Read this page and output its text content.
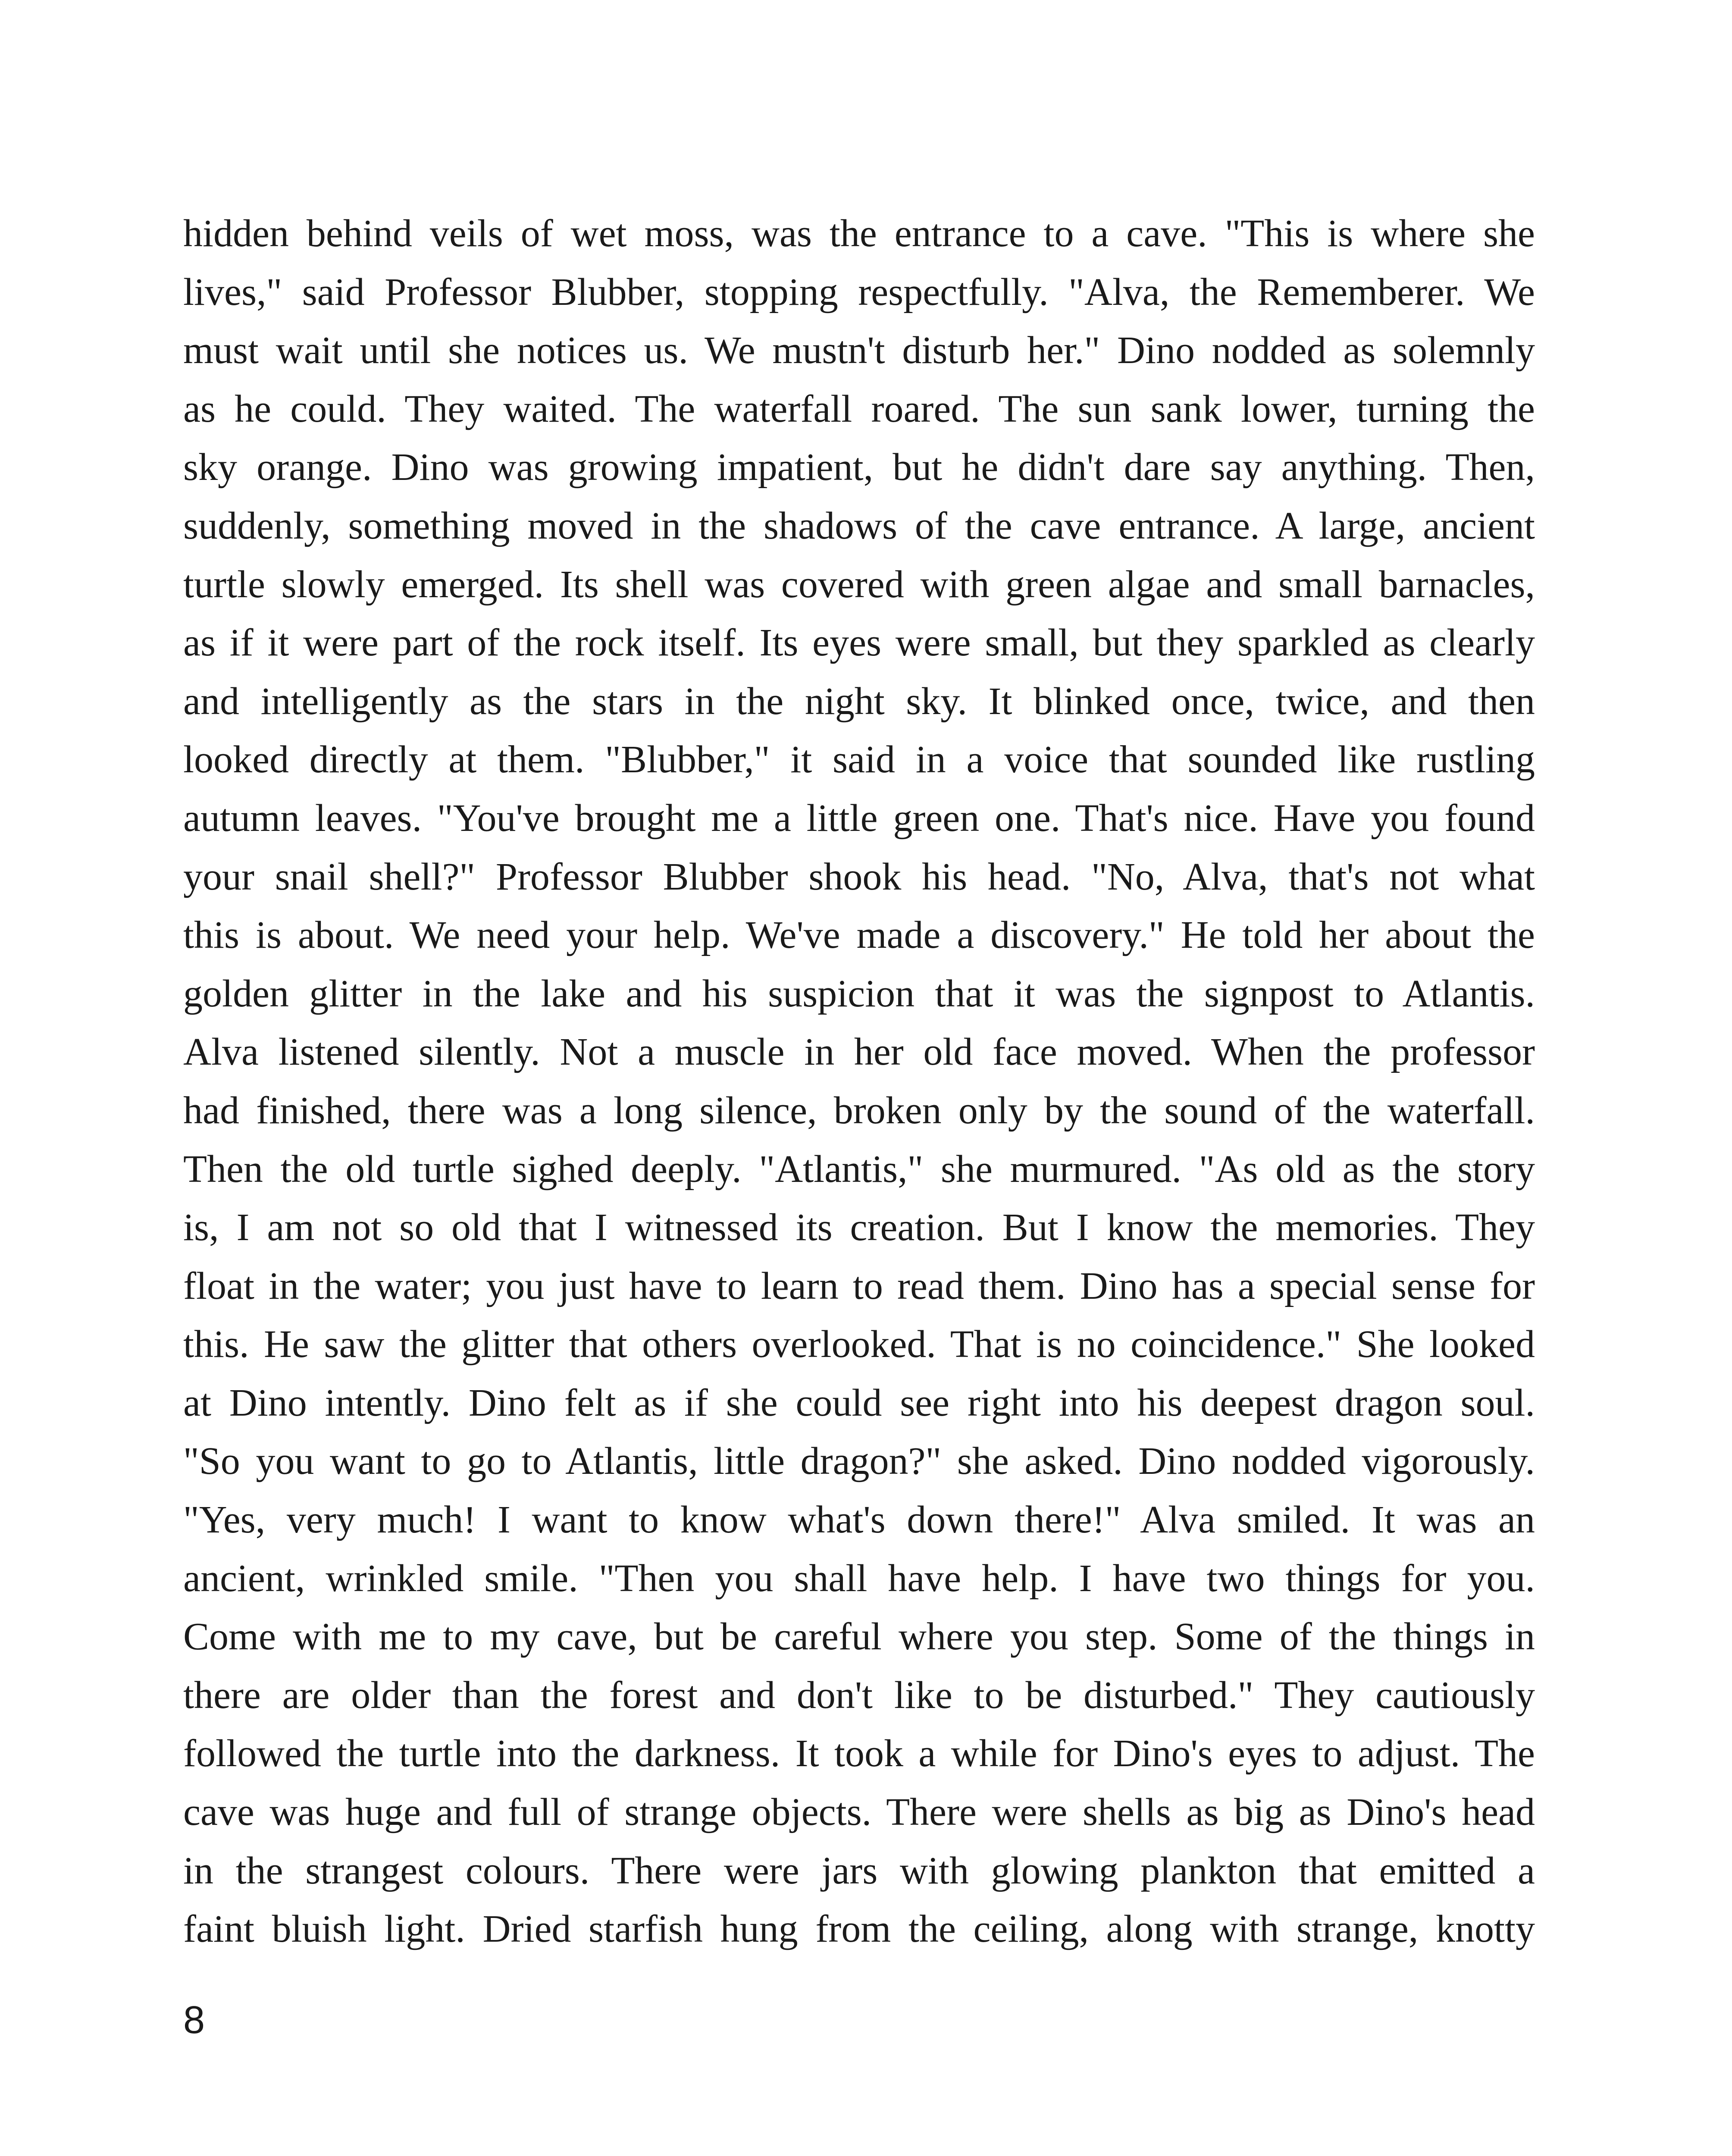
hidden behind veils of wet moss, was the entrance to a cave. "This is where she
lives," said Professor Blubber, stopping respectfully. "Alva, the Rememberer. We
must wait until she notices us. We mustn't disturb her." Dino nodded as solemnly
as he could. They waited. The waterfall roared. The sun sank lower, turning the
sky orange. Dino was growing impatient, but he didn't dare say anything. Then,
suddenly, something moved in the shadows of the cave entrance. A large, ancient
turtle slowly emerged. Its shell was covered with green algae and small barnacles,
as if it were part of the rock itself. Its eyes were small, but they sparkled as clearly
and intelligently as the stars in the night sky. It blinked once, twice, and then
looked directly at them. "Blubber," it said in a voice that sounded like rustling
autumn leaves. "You've brought me a little green one. That's nice. Have you found
your snail shell?" Professor Blubber shook his head. "No, Alva, that's not what
this is about. We need your help. We've made a discovery." He told her about the
golden glitter in the lake and his suspicion that it was the signpost to Atlantis.
Alva listened silently. Not a muscle in her old face moved. When the professor
had finished, there was a long silence, broken only by the sound of the waterfall.
Then the old turtle sighed deeply. "Atlantis," she murmured. "As old as the story
is, I am not so old that I witnessed its creation. But I know the memories. They
float in the water; you just have to learn to read them. Dino has a special sense for
this. He saw the glitter that others overlooked. That is no coincidence." She looked
at Dino intently. Dino felt as if she could see right into his deepest dragon soul.
"So you want to go to Atlantis, little dragon?" she asked. Dino nodded vigorously.
"Yes, very much! I want to know what's down there!" Alva smiled. It was an
ancient, wrinkled smile. "Then you shall have help. I have two things for you.
Come with me to my cave, but be careful where you step. Some of the things in
there are older than the forest and don't like to be disturbed." They cautiously
followed the turtle into the darkness. It took a while for Dino's eyes to adjust. The
cave was huge and full of strange objects. There were shells as big as Dino's head
in the strangest colours. There were jars with glowing plankton that emitted a
faint bluish light. Dried starfish hung from the ceiling, along with strange, knotty
8
